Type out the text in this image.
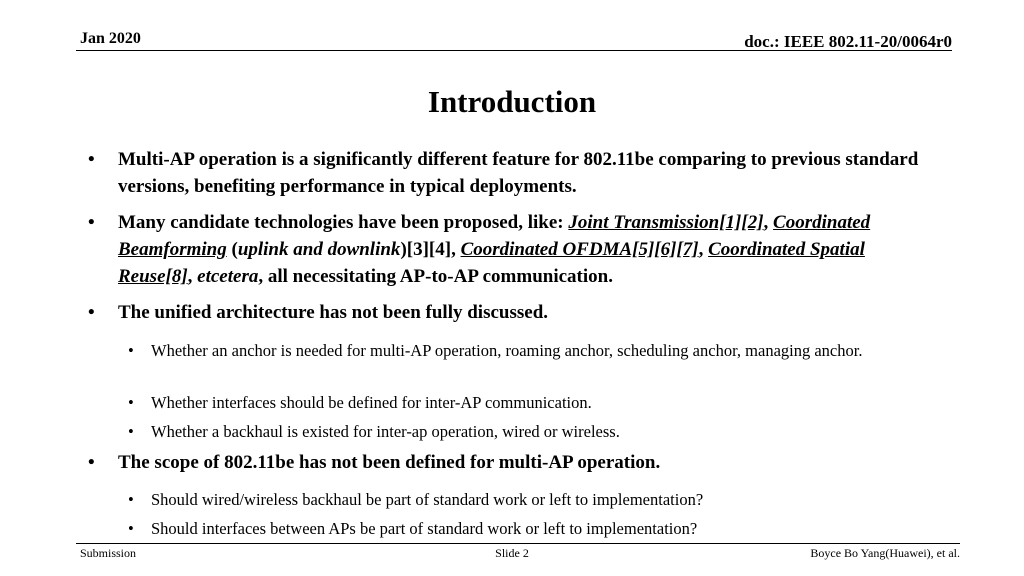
Jan 2020	doc.: IEEE 802.11-20/0064r0
Introduction
• Multi-AP operation is a significantly different feature for 802.11be comparing to previous standard versions, benefiting performance in typical deployments.
• Many candidate technologies have been proposed, like: Joint Transmission[1][2], Coordinated Beamforming (uplink and downlink)[3][4], Coordinated OFDMA[5][6][7], Coordinated Spatial Reuse[8], etcetera, all necessitating AP-to-AP communication.
• The unified architecture has not been fully discussed.
• Whether an anchor is needed for multi-AP operation, roaming anchor, scheduling anchor, managing anchor.
• Whether interfaces should be defined for inter-AP communication.
• Whether a backhaul is existed for inter-ap operation, wired or wireless.
• The scope of 802.11be has not been defined for multi-AP operation.
• Should wired/wireless backhaul be part of standard work or left to implementation?
• Should interfaces between APs be part of standard work or left to implementation?
Submission	Slide 2	Boyce Bo Yang(Huawei), et al.
